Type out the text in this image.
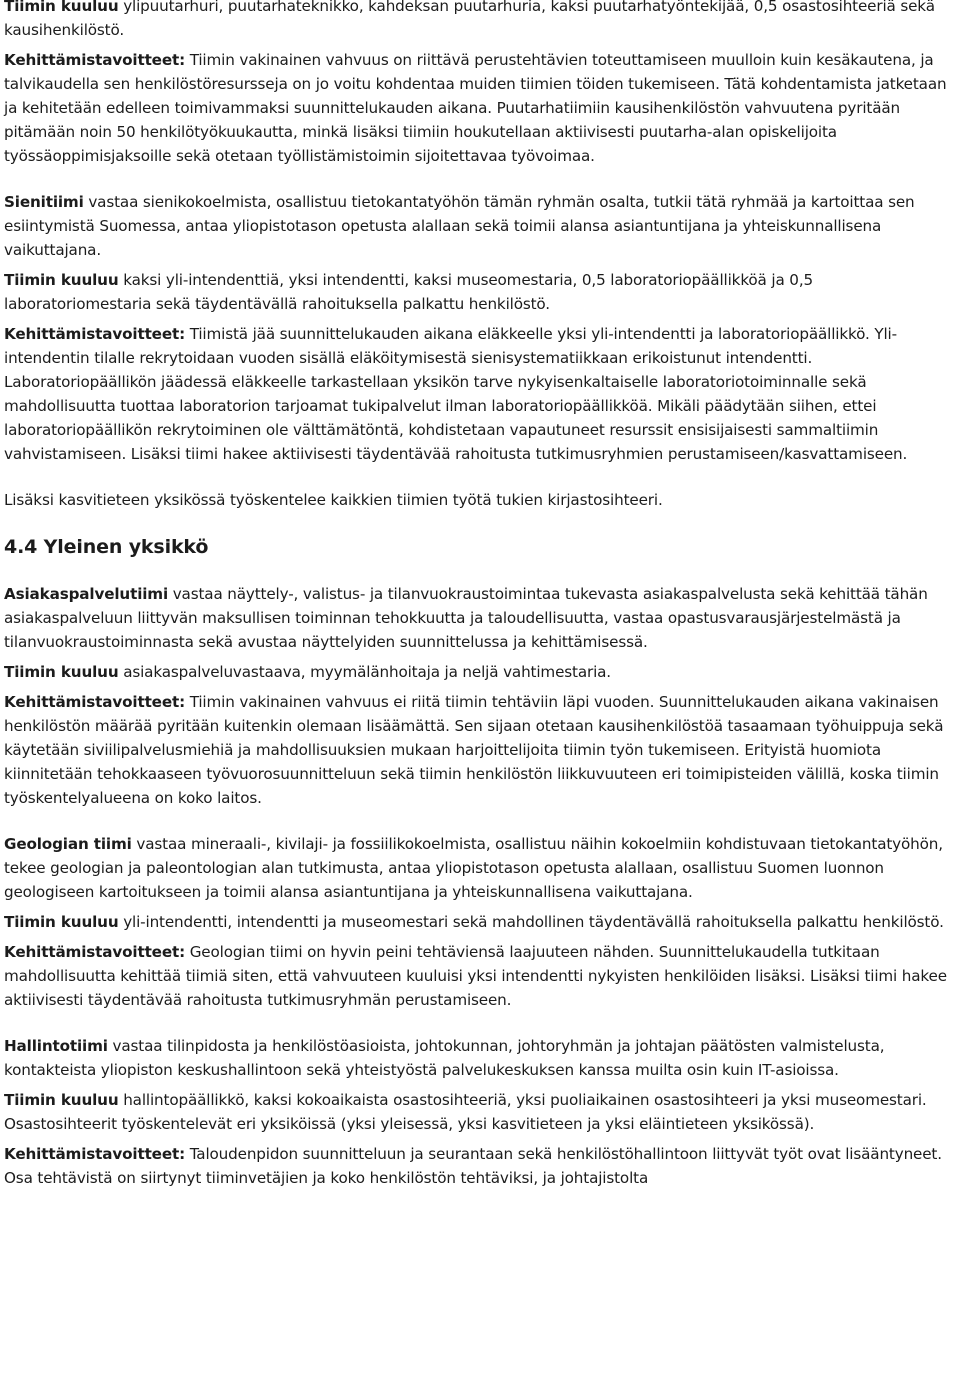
Tiimin kuuluu ylipuutarhuri, puutarhateknikko, kahdeksan puutarhuria, kaksi puutarhatyöntekijää, 0,5 osastosihteeriä sekä kausihenkilöstö.

Kehittämistavoitteet: Tiimin vakinainen vahvuus on riittävä perustehtävien toteuttamiseen muulloin kuin kesäkautena, ja talvikaudella sen henkilöstöresursseja on jo voitu kohdentaa muiden tiimien töiden tukemiseen. Tätä kohdentamista jatketaan ja kehitetään edelleen toimivammaksi suunnittelukauden aikana. Puutarhatiimiin kausihenkilöstön vahvuutena pyritään pitämään noin 50 henkilötyökuukautta, minkä lisäksi tiimiin houkutellaan aktiivisesti puutarha-alan opiskelijoita työssäoppimisjaksoille sekä otetaan työllistämistoimin sijoitettavaa työvoimaa.

Sienitiimi vastaa sienikokoelmista, osallistuu tietokantatyöhön tämän ryhmän osalta, tutkii tätä ryhmää ja kartoittaa sen esiintymistä Suomessa, antaa yliopistotason opetusta alallaan sekä toimii alansa asiantuntijana ja yhteiskunnallisena vaikuttajana.

Tiimin kuuluu kaksi yli-intendenttiä, yksi intendentti, kaksi museomestaria, 0,5 laboratoriopäällikköä ja 0,5 laboratoriomestaria sekä täydentävällä rahoituksella palkattu henkilöstö.

Kehittämistavoitteet: Tiimistä jää suunnittelukauden aikana eläkkeelle yksi yli-intendentti ja laboratoriopäällikkö. Yli-intendentin tilalle rekrytoidaan vuoden sisällä eläköitymisestä sienisystematiikkaan erikoistunut intendentti. Laboratoriopäällikön jäädessä eläkkeelle tarkastellaan yksikön tarve nykyisenkaltaiselle laboratoriotoiminnalle sekä mahdollisuutta tuottaa laboratorion tarjoamat tukipalvelut ilman laboratoriopäällikköä. Mikäli päädytään siihen, ettei laboratoriopäällikön rekrytoiminen ole välttämätöntä, kohdistetaan vapautuneet resurssit ensisijaisesti sammaltiimin vahvistamiseen. Lisäksi tiimi hakee aktiivisesti täydentävää rahoitusta tutkimusryhmien perustamiseen/kasvattamiseen.

Lisäksi kasvitieteen yksikössä työskentelee kaikkien tiimien työtä tukien kirjastosihteeri.

4.4 Yleinen yksikkö

Asiakaspalvelutiimi vastaa näyttely-, valistus- ja tilanvuokraustoimintaa tukevasta asiakaspalvelusta sekä kehittää tähän asiakaspalveluun liittyvän maksullisen toiminnan tehokkuutta ja taloudellisuutta, vastaa opastusvarausjärjestelmästä ja tilanvuokraustoiminnasta sekä avustaa näyttelyiden suunnittelussa ja kehittämisessä.

Tiimin kuuluu asiakaspalveluvastaava, myymälänhoitaja ja neljä vahtimestaria.

Kehittämistavoitteet: Tiimin vakinainen vahvuus ei riitä tiimin tehtäviin läpi vuoden. Suunnittelukauden aikana vakinaisen henkilöstön määrää pyritään kuitenkin olemaan lisäämättä. Sen sijaan otetaan kausihenkilöstöä tasaamaan työhuippuja sekä käytetään siviilipalvelusmiehiä ja mahdollisuuksien mukaan harjoittelijoita tiimin työn tukemiseen. Erityistä huomiota kiinnitetään tehokkaaseen työvuorosuunnitteluun sekä tiimin henkilöstön liikkuvuuteen eri toimipisteiden välillä, koska tiimin työskentelyalueena on koko laitos.

Geologian tiimi vastaa mineraali-, kivilaji- ja fossiilikokoelmista, osallistuu näihin kokoelmiin kohdistuvaan tietokantatyöhön, tekee geologian ja paleontologian alan tutkimusta, antaa yliopistotason opetusta alallaan, osallistuu Suomen luonnon geologiseen kartoitukseen ja toimii alansa asiantuntijana ja yhteiskunnallisena vaikuttajana.

Tiimin kuuluu yli-intendentti, intendentti ja museomestari sekä mahdollinen täydentävällä rahoituksella palkattu henkilöstö.

Kehittämistavoitteet: Geologian tiimi on hyvin peini tehtäviensä laajuuteen nähden. Suunnittelukaudella tutkitaan mahdollisuutta kehittää tiimiä siten, että vahvuuteen kuuluisi yksi intendentti nykyisten henkilöiden lisäksi. Lisäksi tiimi hakee aktiivisesti täydentävää rahoitusta tutkimusryhmän perustamiseen.

Hallintotiimi vastaa tilinpidosta ja henkilöstöasioista, johtokunnan, johtoryhmän ja johtajan päätösten valmistelusta, kontakteista yliopiston keskushallintoon sekä yhteistyöstä palvelukeskuksen kanssa muilta osin kuin IT-asioissa.

Tiimin kuuluu hallintopäällikkö, kaksi kokoaikaista osastosihteeriä, yksi puoliaikainen osastosihteeri ja yksi museomestari. Osastosihteerit työskentelevät eri yksiköissä (yksi yleisessä, yksi kasvitieteen ja yksi eläintieteen yksikössä).

Kehittämistavoitteet: Taloudenpidon suunnitteluun ja seurantaan sekä henkilöstöhallintoon liittyvät työt ovat lisääntyneet. Osa tehtävistä on siirtynyt tiiminvetäjien ja koko henkilöstön tehtäviksi, ja johtajistolta
